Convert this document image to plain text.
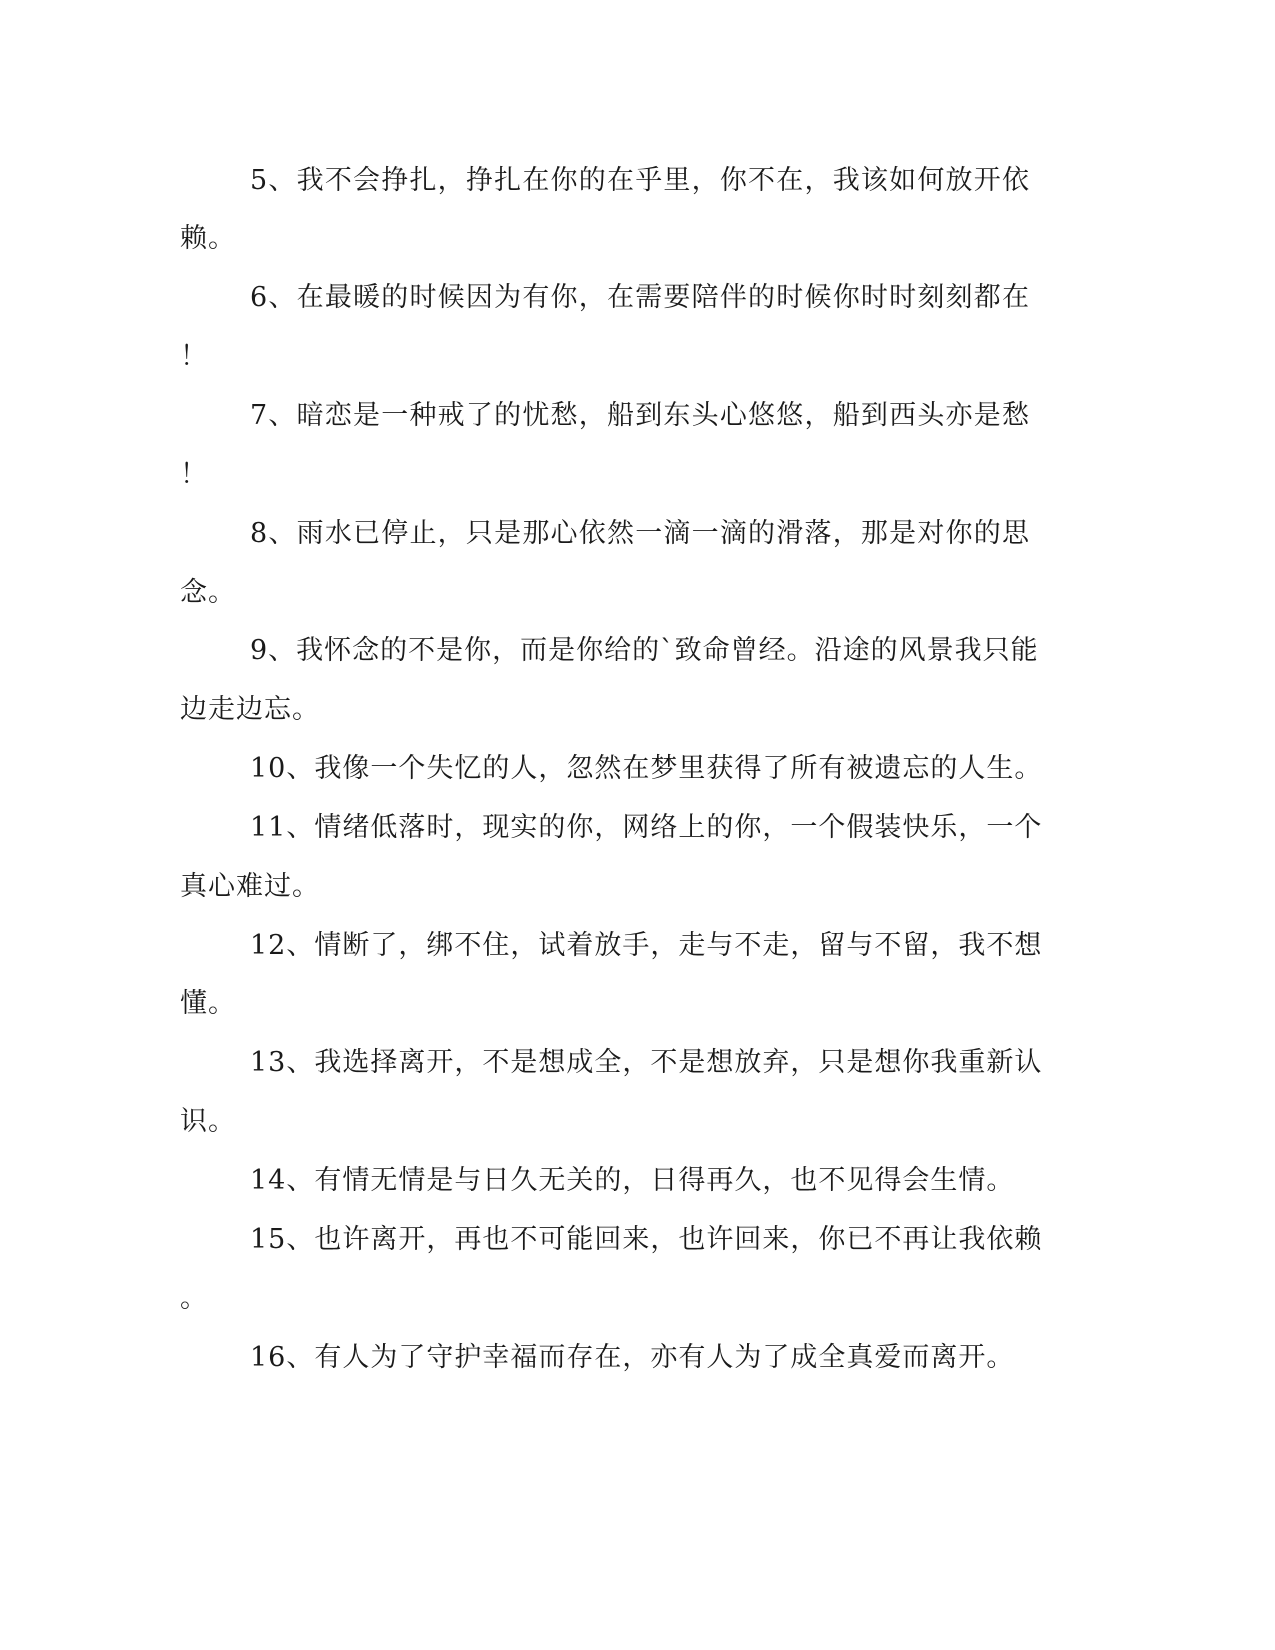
5、我不会挣扎，挣扎在你的在乎里，你不在，我该如何放开依

赖。

6、在最暖的时候因为有你，在需要陪伴的时候你时时刻刻都在

！

7、暗恋是一种戒了的忧愁，船到东头心悠悠，船到西头亦是愁

！

8、雨水已停止，只是那心依然一滴一滴的滑落，那是对你的思

念。

9、我怀念的不是你，而是你给的`致命曾经。沿途的风景我只能

边走边忘。

10、我像一个失忆的人，忽然在梦里获得了所有被遗忘的人生。

11、情绪低落时，现实的你，网络上的你，一个假装快乐，一个

真心难过。

12、情断了，绑不住，试着放手，走与不走，留与不留，我不想

懂。

13、我选择离开，不是想成全，不是想放弃，只是想你我重新认

识。

14、有情无情是与日久无关的，日得再久，也不见得会生情。

15、也许离开，再也不可能回来，也许回来，你已不再让我依赖

。

16、有人为了守护幸福而存在，亦有人为了成全真爱而离开。
